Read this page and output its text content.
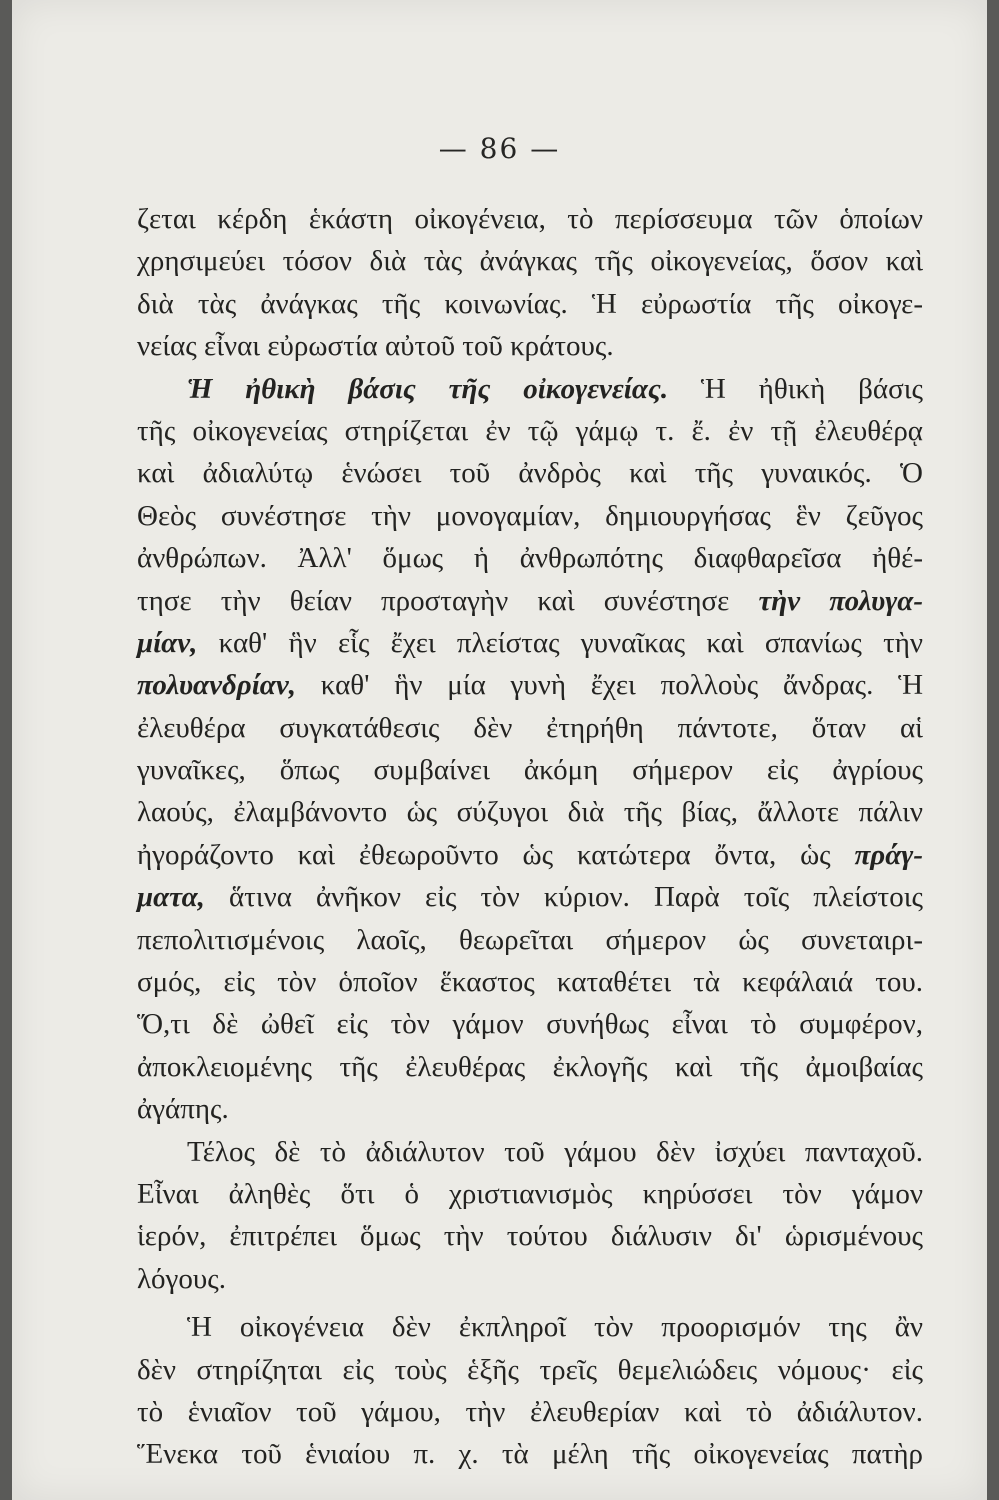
— 86 —
ζεται κέρδη ἑκάστη οἰκογένεια, τὸ περίσσευμα τῶν ὁποίων
χρησιμεύει τόσον διὰ τὰς ἀνάγκας τῆς οἰκογενείας, ὅσον καὶ
διὰ τὰς ἀνάγκας τῆς κοινωνίας. Ἡ εὐρωστία τῆς οἰκογε-
νείας εἶναι εὐρωστία αὐτοῦ τοῦ κράτους.
Ἡ ἠθικὴ βάσις τῆς οἰκογενείας. Ἡ ἠθικὴ βάσις
τῆς οἰκογενείας στηρίζεται ἐν τῷ γάμῳ τ. ἔ. ἐν τῇ ἐλευθέρᾳ
καὶ ἀδιαλύτῳ ἑνώσει τοῦ ἀνδρὸς καὶ τῆς γυναικός. Ὁ
Θεὸς συνέστησε τὴν μονογαμίαν, δημιουργήσας ἓν ζεῦγος
ἀνθρώπων. Ἀλλ' ὅμως ἡ ἀνθρωπότης διαφθαρεῖσα ἠθέ-
τησε τὴν θείαν προσταγὴν καὶ συνέστησε τὴν πολυγα-
μίαν, καθ' ἣν εἷς ἔχει πλείστας γυναῖκας καὶ σπανίως τὴν
πολυανδρίαν, καθ' ἣν μία γυνὴ ἔχει πολλοὺς ἄνδρας. Ἡ
ἐλευθέρα συγκατάθεσις δὲν ἐτηρήθη πάντοτε, ὅταν αἱ
γυναῖκες, ὅπως συμβαίνει ἀκόμη σήμερον εἰς ἀγρίους
λαούς, ἐλαμβάνοντο ὡς σύζυγοι διὰ τῆς βίας, ἄλλοτε πάλιν
ἠγοράζοντο καὶ ἐθεωροῦντο ὡς κατώτερα ὄντα, ὡς πράγ-
ματα, ἅτινα ἀνῆκον εἰς τὸν κύριον. Παρὰ τοῖς πλείστοις
πεπολιτισμένοις λαοῖς, θεωρεῖται σήμερον ὡς συνεταιρι-
σμός, εἰς τὸν ὁποῖον ἕκαστος καταθέτει τὰ κεφάλαιά του.
Ὅ,τι δὲ ὠθεῖ εἰς τὸν γάμον συνήθως εἶναι τὸ συμφέρον,
ἀποκλειομένης τῆς ἐλευθέρας ἐκλογῆς καὶ τῆς ἀμοιβαίας
ἀγάπης.
Τέλος δὲ τὸ ἀδιάλυτον τοῦ γάμου δὲν ἰσχύει πανταχοῦ.
Εἶναι ἀληθὲς ὅτι ὁ χριστιανισμὸς κηρύσσει τὸν γάμον
ἱερόν, ἐπιτρέπει ὅμως τὴν τούτου διάλυσιν δι' ὡρισμένους
λόγους.
Ἡ οἰκογένεια δὲν ἐκπληροῖ τὸν προορισμόν της ἂν
δὲν στηρίζηται εἰς τοὺς ἑξῆς τρεῖς θεμελιώδεις νόμους· εἰς
τὸ ἑνιαῖον τοῦ γάμου, τὴν ἐλευθερίαν καὶ τὸ ἀδιάλυτον.
Ἕνεκα τοῦ ἑνιαίου π. χ. τὰ μέλη τῆς οἰκογενείας πατὴρ
